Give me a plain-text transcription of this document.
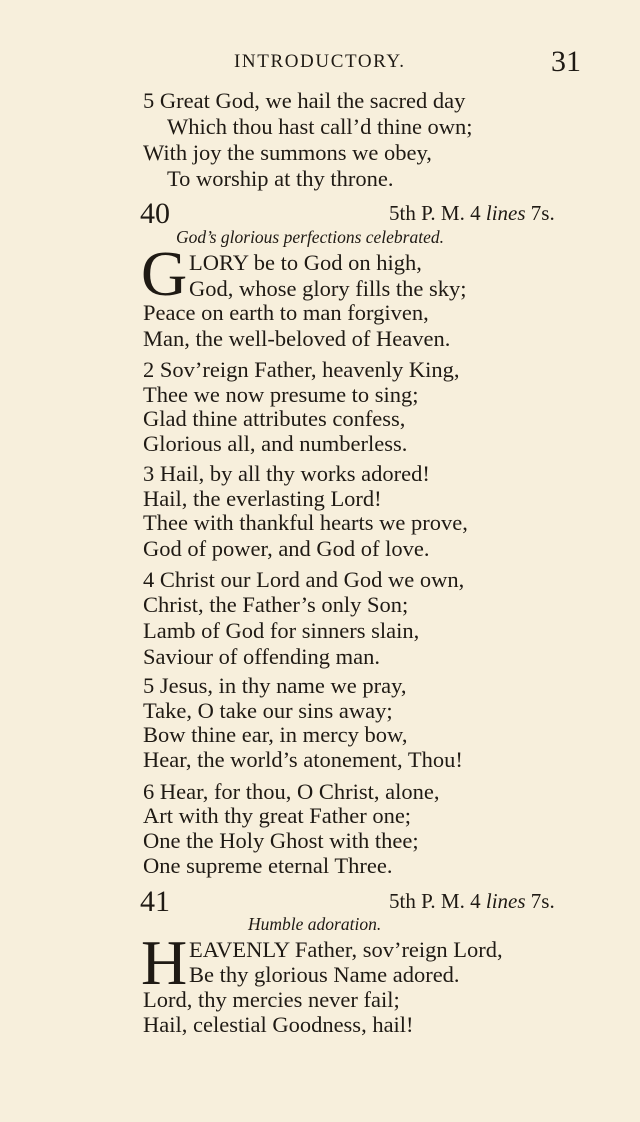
INTRODUCTORY.	31
5 Great God, we hail the sacred day
Which thou hast call’d thine own;
With joy the summons we obey,
To worship at thy throne.
40	5th P. M. 4 lines 7s.
God’s glorious perfections celebrated.
G LORY be to God on high,
God, whose glory fills the sky;
Peace on earth to man forgiven,
Man, the well-beloved of Heaven.
2 Sov’reign Father, heavenly King,
Thee we now presume to sing;
Glad thine attributes confess,
Glorious all, and numberless.
3 Hail, by all thy works adored!
Hail, the everlasting Lord!
Thee with thankful hearts we prove,
God of power, and God of love.
4 Christ our Lord and God we own,
Christ, the Father’s only Son;
Lamb of God for sinners slain,
Saviour of offending man.
5 Jesus, in thy name we pray,
Take, O take our sins away;
Bow thine ear, in mercy bow,
Hear, the world’s atonement, Thou!
6 Hear, for thou, O Christ, alone,
Art with thy great Father one;
One the Holy Ghost with thee;
One supreme eternal Three.
41	5th P. M. 4 lines 7s.
Humble adoration.
H EAVENLY Father, sov’reign Lord,
Be thy glorious Name adored.
Lord, thy mercies never fail;
Hail, celestial Goodness, hail!
